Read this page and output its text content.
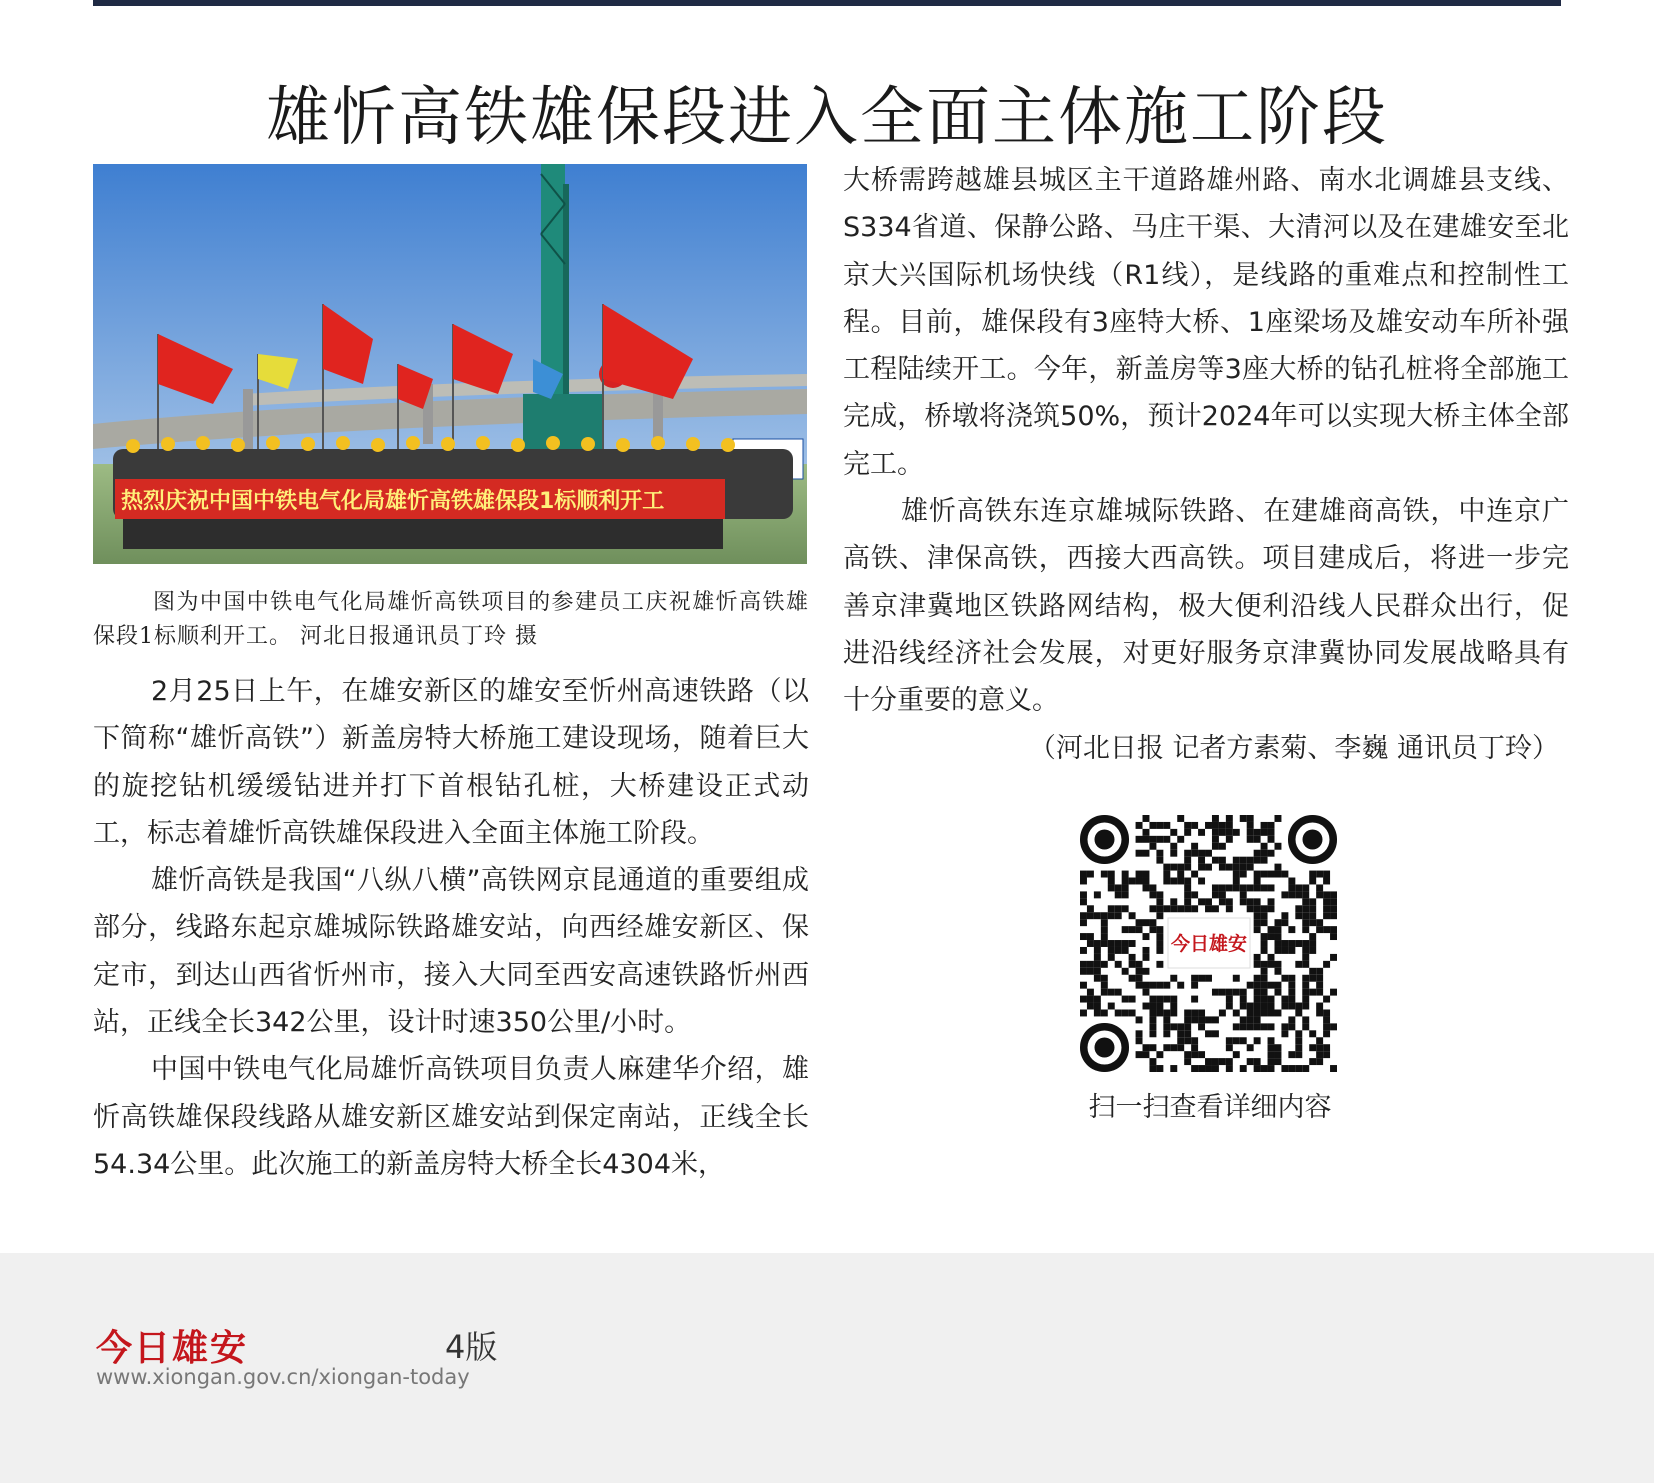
雄忻高铁雄保段进入全面主体施工阶段
热烈庆祝中国中铁电气化局雄忻高铁雄保段1标顺利开工

图为中国中铁电气化局雄忻高铁项目的参建员工庆祝雄忻高铁雄保段1标顺利开工。 河北日报通讯员丁玲 摄

2月25日上午，在雄安新区的雄安至忻州高速铁路（以下简称“雄忻高铁”）新盖房特大桥施工建设现场，随着巨大的旋挖钻机缓缓钻进并打下首根钻孔桩，大桥建设正式动工，标志着雄忻高铁雄保段进入全面主体施工阶段。

雄忻高铁是我国“八纵八横”高铁网京昆通道的重要组成部分，线路东起京雄城际铁路雄安站，向西经雄安新区、保定市，到达山西省忻州市，接入大同至西安高速铁路忻州西站，正线全长342公里，设计时速350公里/小时。

中国中铁电气化局雄忻高铁项目负责人麻建华介绍，雄忻高铁雄保段线路从雄安新区雄安站到保定南站，正线全长54.34公里。此次施工的新盖房特大桥全长4304米，

大桥需跨越雄县城区主干道路雄州路、南水北调雄县支线、S334省道、保静公路、马庄干渠、大清河以及在建雄安至北京大兴国际机场快线（R1线），是线路的重难点和控制性工程。目前，雄保段有3座特大桥、1座梁场及雄安动车所补强工程陆续开工。今年，新盖房等3座大桥的钻孔桩将全部施工完成，桥墩将浇筑50%，预计2024年可以实现大桥主体全部完工。

雄忻高铁东连京雄城际铁路、在建雄商高铁，中连京广高铁、津保高铁，西接大西高铁。项目建成后，将进一步完善京津冀地区铁路网结构，极大便利沿线人民群众出行，促进沿线经济社会发展，对更好服务京津冀协同发展战略具有十分重要的意义。

（河北日报 记者方素菊、李巍 通讯员丁玲）

今日雄安
扫一扫查看详细内容
今日雄安	4版
www.xiongan.gov.cn/xiongan-today
